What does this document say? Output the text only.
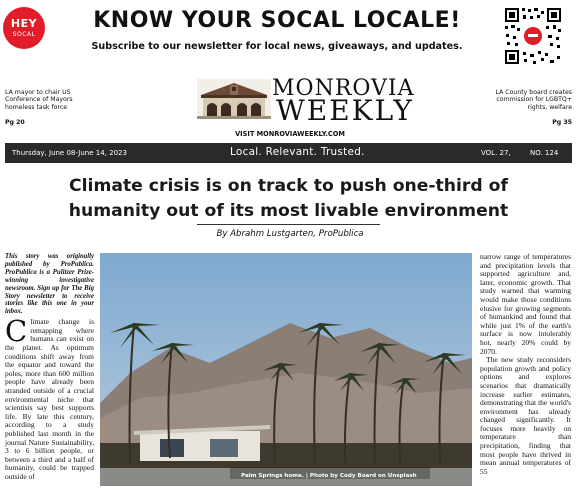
HEY
SOCAL
KNOW YOUR SOCAL LOCALE!
Subscribe to our newsletter for local news, giveaways, and updates.
LA mayor to chair US Conference of Mayors homeless task force
Pg 20
LA County board creates commission for LGBTQ+ rights, welfare
Pg 35
MONROVIA
WEEKLY
VISIT MONROVIAWEEKLY.COM
Thursday, June 08-June 14, 2023	Local. Relevant. Trusted.	VOL. 27,	NO. 124
Climate crisis is on track to push one-third of humanity out of its most livable environment
By Abrahm Lustgarten, ProPublica
This story was originally published by ProPublica. ProPublica is a Pulitzer Prize-winning investigative newsroom. Sign up for The Big Story newsletter to receive stories like this one in your inbox.
C limate change is remapping where humans can exist on the planet. As optimum conditions shift away from the equator and toward the poles, more than 600 million people have already been stranded outside of a crucial environmental niche that scientists say best supports life. By late this century, according to a study published last month in the journal Nature Sustainability, 3 to 6 billion people, or between a third and a half of humanity, could be trapped outside of	Palm Springs home. | Photo by Cody Board on Unsplash

narrow range of temperatures and precipitation levels that supported agriculture and, later, economic growth. That study warned that warming would make those conditions elusive for growing segments of humankind and found that while just 1% of the earth's surface is now intolerably hot, nearly 20% could by 2070.

The new study reconsiders population growth and policy options and explores scenarios that dramatically increase earlier estimates, demonstrating that the world's environment has already changed significantly. It focuses more heavily on temperature than precipitation, finding that most people have thrived in mean annual temperatures of 55
